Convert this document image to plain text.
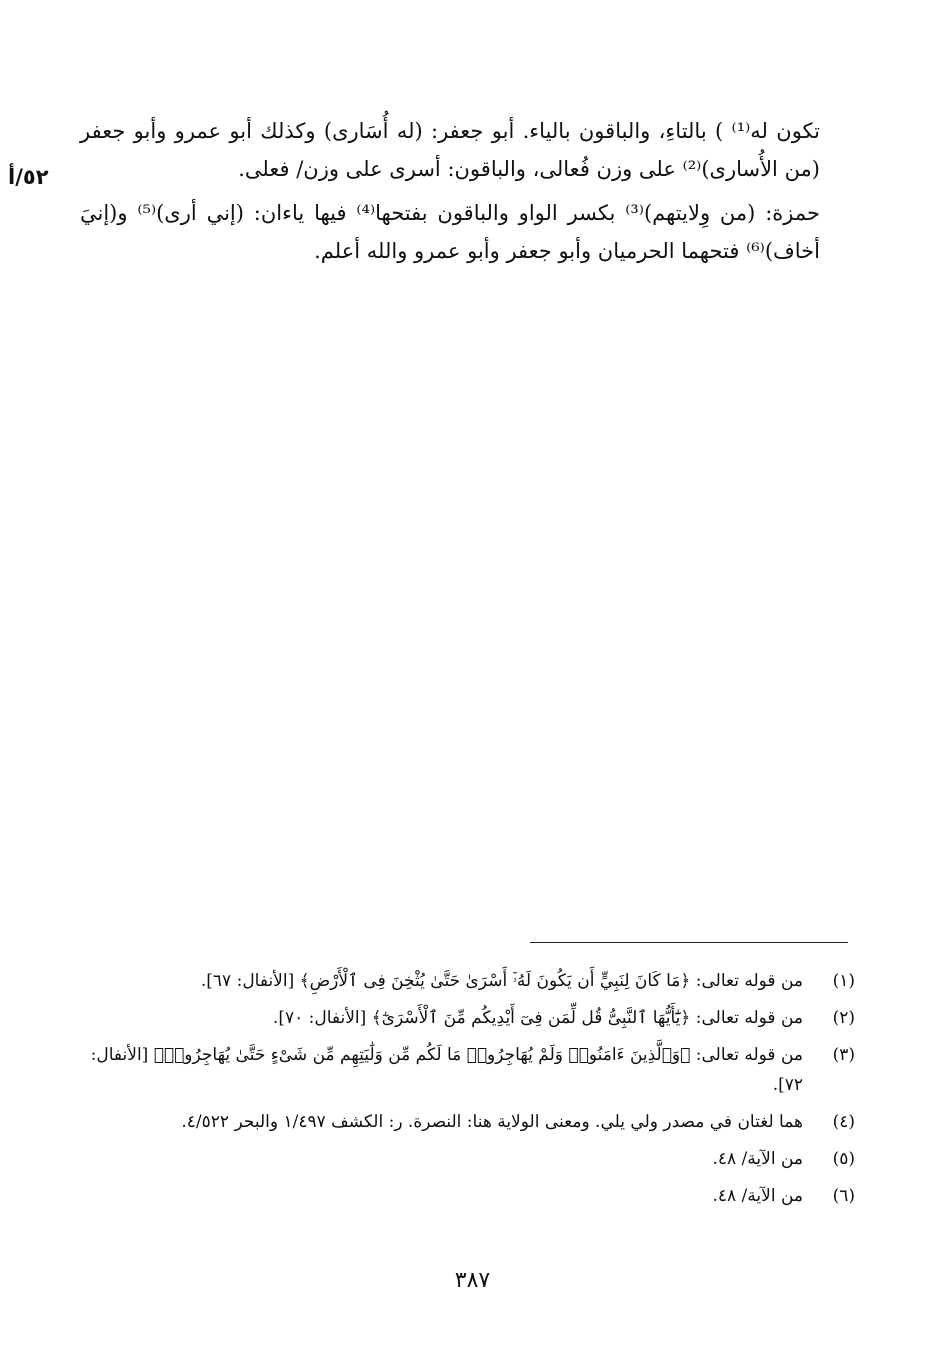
تكون له⁽¹⁾ ) بالتاءِ، والباقون بالياء. أبو جعفر: (له أُسَارى) وكذلك أبو عمرو وأبو جعفر (من الأُسارى)⁽²⁾ على وزن فُعالى، والباقون: أسرى على وزن/ فعلى.

حمزة: (من وِلايتهم)⁽³⁾ بكسر الواو والباقون بفتحها⁽⁴⁾ فيها ياءان: (إني أرى)⁽⁵⁾ و(إنيَ أخاف)⁽⁶⁾ فتحهما الحرميان وأبو جعفر وأبو عمرو والله أعلم.

٥٢/أ
(١)
من قوله تعالى: ﴿مَا كَانَ لِنَبِيٍّ أَن يَكُونَ لَهُۥٓ أَسْرَىٰ حَتَّىٰ يُثْخِنَ فِى ٱلْأَرْضِ﴾ [الأنفال: ٦٧].
(٢)
من قوله تعالى: ﴿يَٰٓأَيُّهَا ٱلنَّبِىُّ قُل لِّمَن فِىٓ أَيْدِيكُم مِّنَ ٱلْأَسْرَىٰٓ﴾ [الأنفال: ٧٠].
(٣)
من قوله تعالى: ﴿وَٱلَّذِينَ ءَامَنُوا۟ وَلَمْ يُهَاجِرُوا۟ مَا لَكُم مِّن وَلَٰيَتِهِم مِّن شَىْءٍ حَتَّىٰ يُهَاجِرُوا۟﴾ [الأنفال: ٧٢].
(٤)
هما لغتان في مصدر ولي يلي. ومعنى الولاية هنا: النصرة. ر: الكشف ١/٤٩٧ والبحر ٤/٥٢٢.
(٥)
من الآية/ ٤٨.
(٦)
من الآية/ ٤٨.
٣٨٧
